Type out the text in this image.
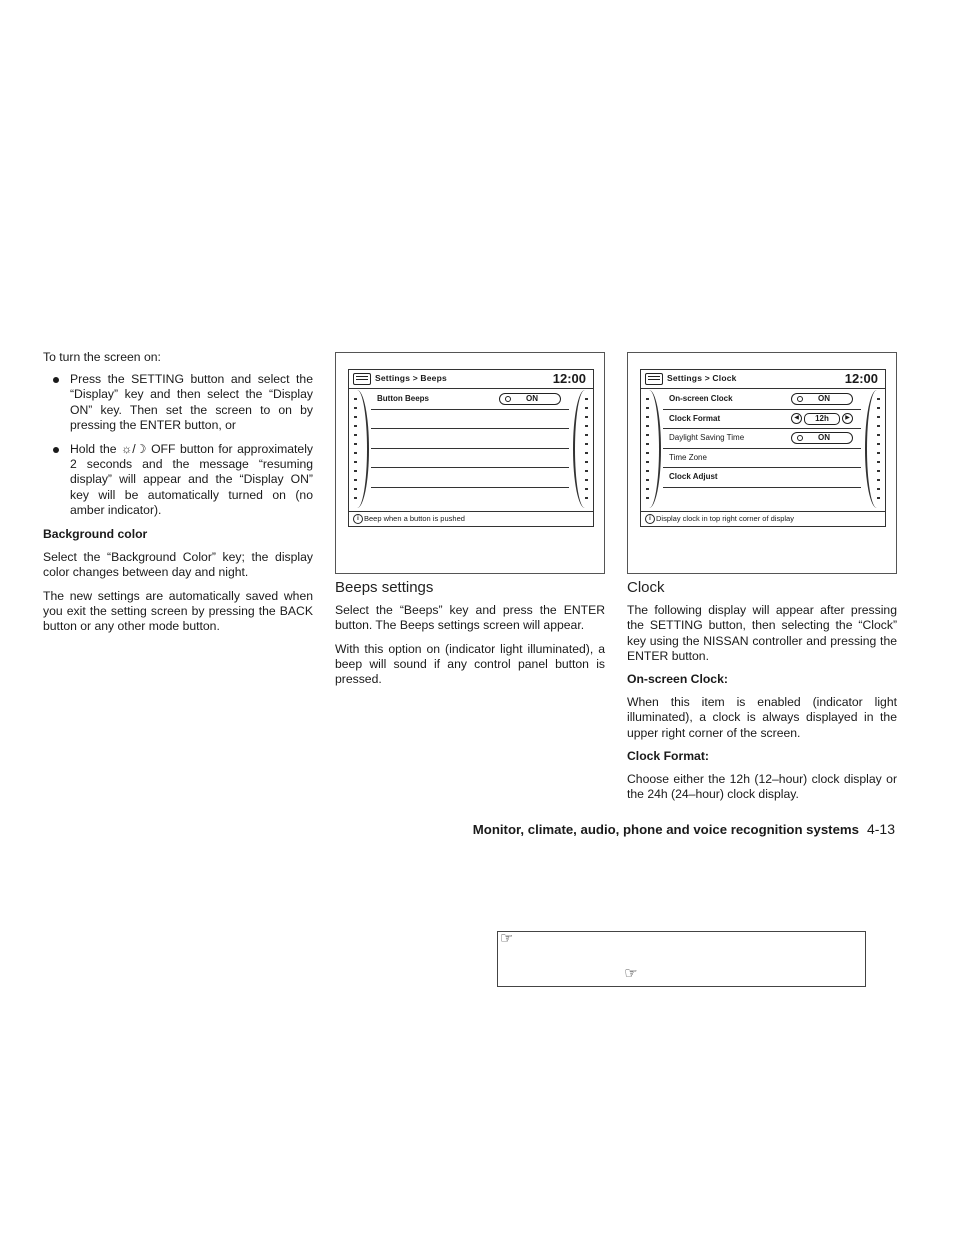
To turn the screen on:

Press the SETTING button and select the “Display” key and then select the “Display ON” key. Then set the screen to on by pressing the ENTER button, or
Hold the ☼/☽ OFF button for approximately 2 seconds and the message “resuming display” will appear and the “Display ON” key will be automatically turned on (no amber indicator).

Background color

Select the “Background Color” key; the display color changes between day and night.

The new settings are automatically saved when you exit the setting screen by pressing the BACK button or any other mode button.

Settings > Beeps	12:00
Button Beeps	ON
i Beep when a button is pushed
Settings > Clock	12:00
On-screen Clock	ON
Clock Format	◀	12h	▶
Daylight Saving Time	ON
Time Zone
Clock Adjust
i Display clock in top right corner of display

Beeps settings

Select the “Beeps” key and press the ENTER button. The Beeps settings screen will appear.

With this option on (indicator light illuminated), a beep will sound if any control panel button is pressed.

Clock

The following display will appear after pressing the SETTING button, then selecting the “Clock” key using the NISSAN controller and pressing the ENTER button.

On-screen Clock:

When this item is enabled (indicator light illuminated), a clock is always displayed in the upper right corner of the screen.

Clock Format:

Choose either the 12h (12–hour) clock display or the 24h (24–hour) clock display.

Monitor, climate, audio, phone and voice recognition systems 4-13
☞
☜
